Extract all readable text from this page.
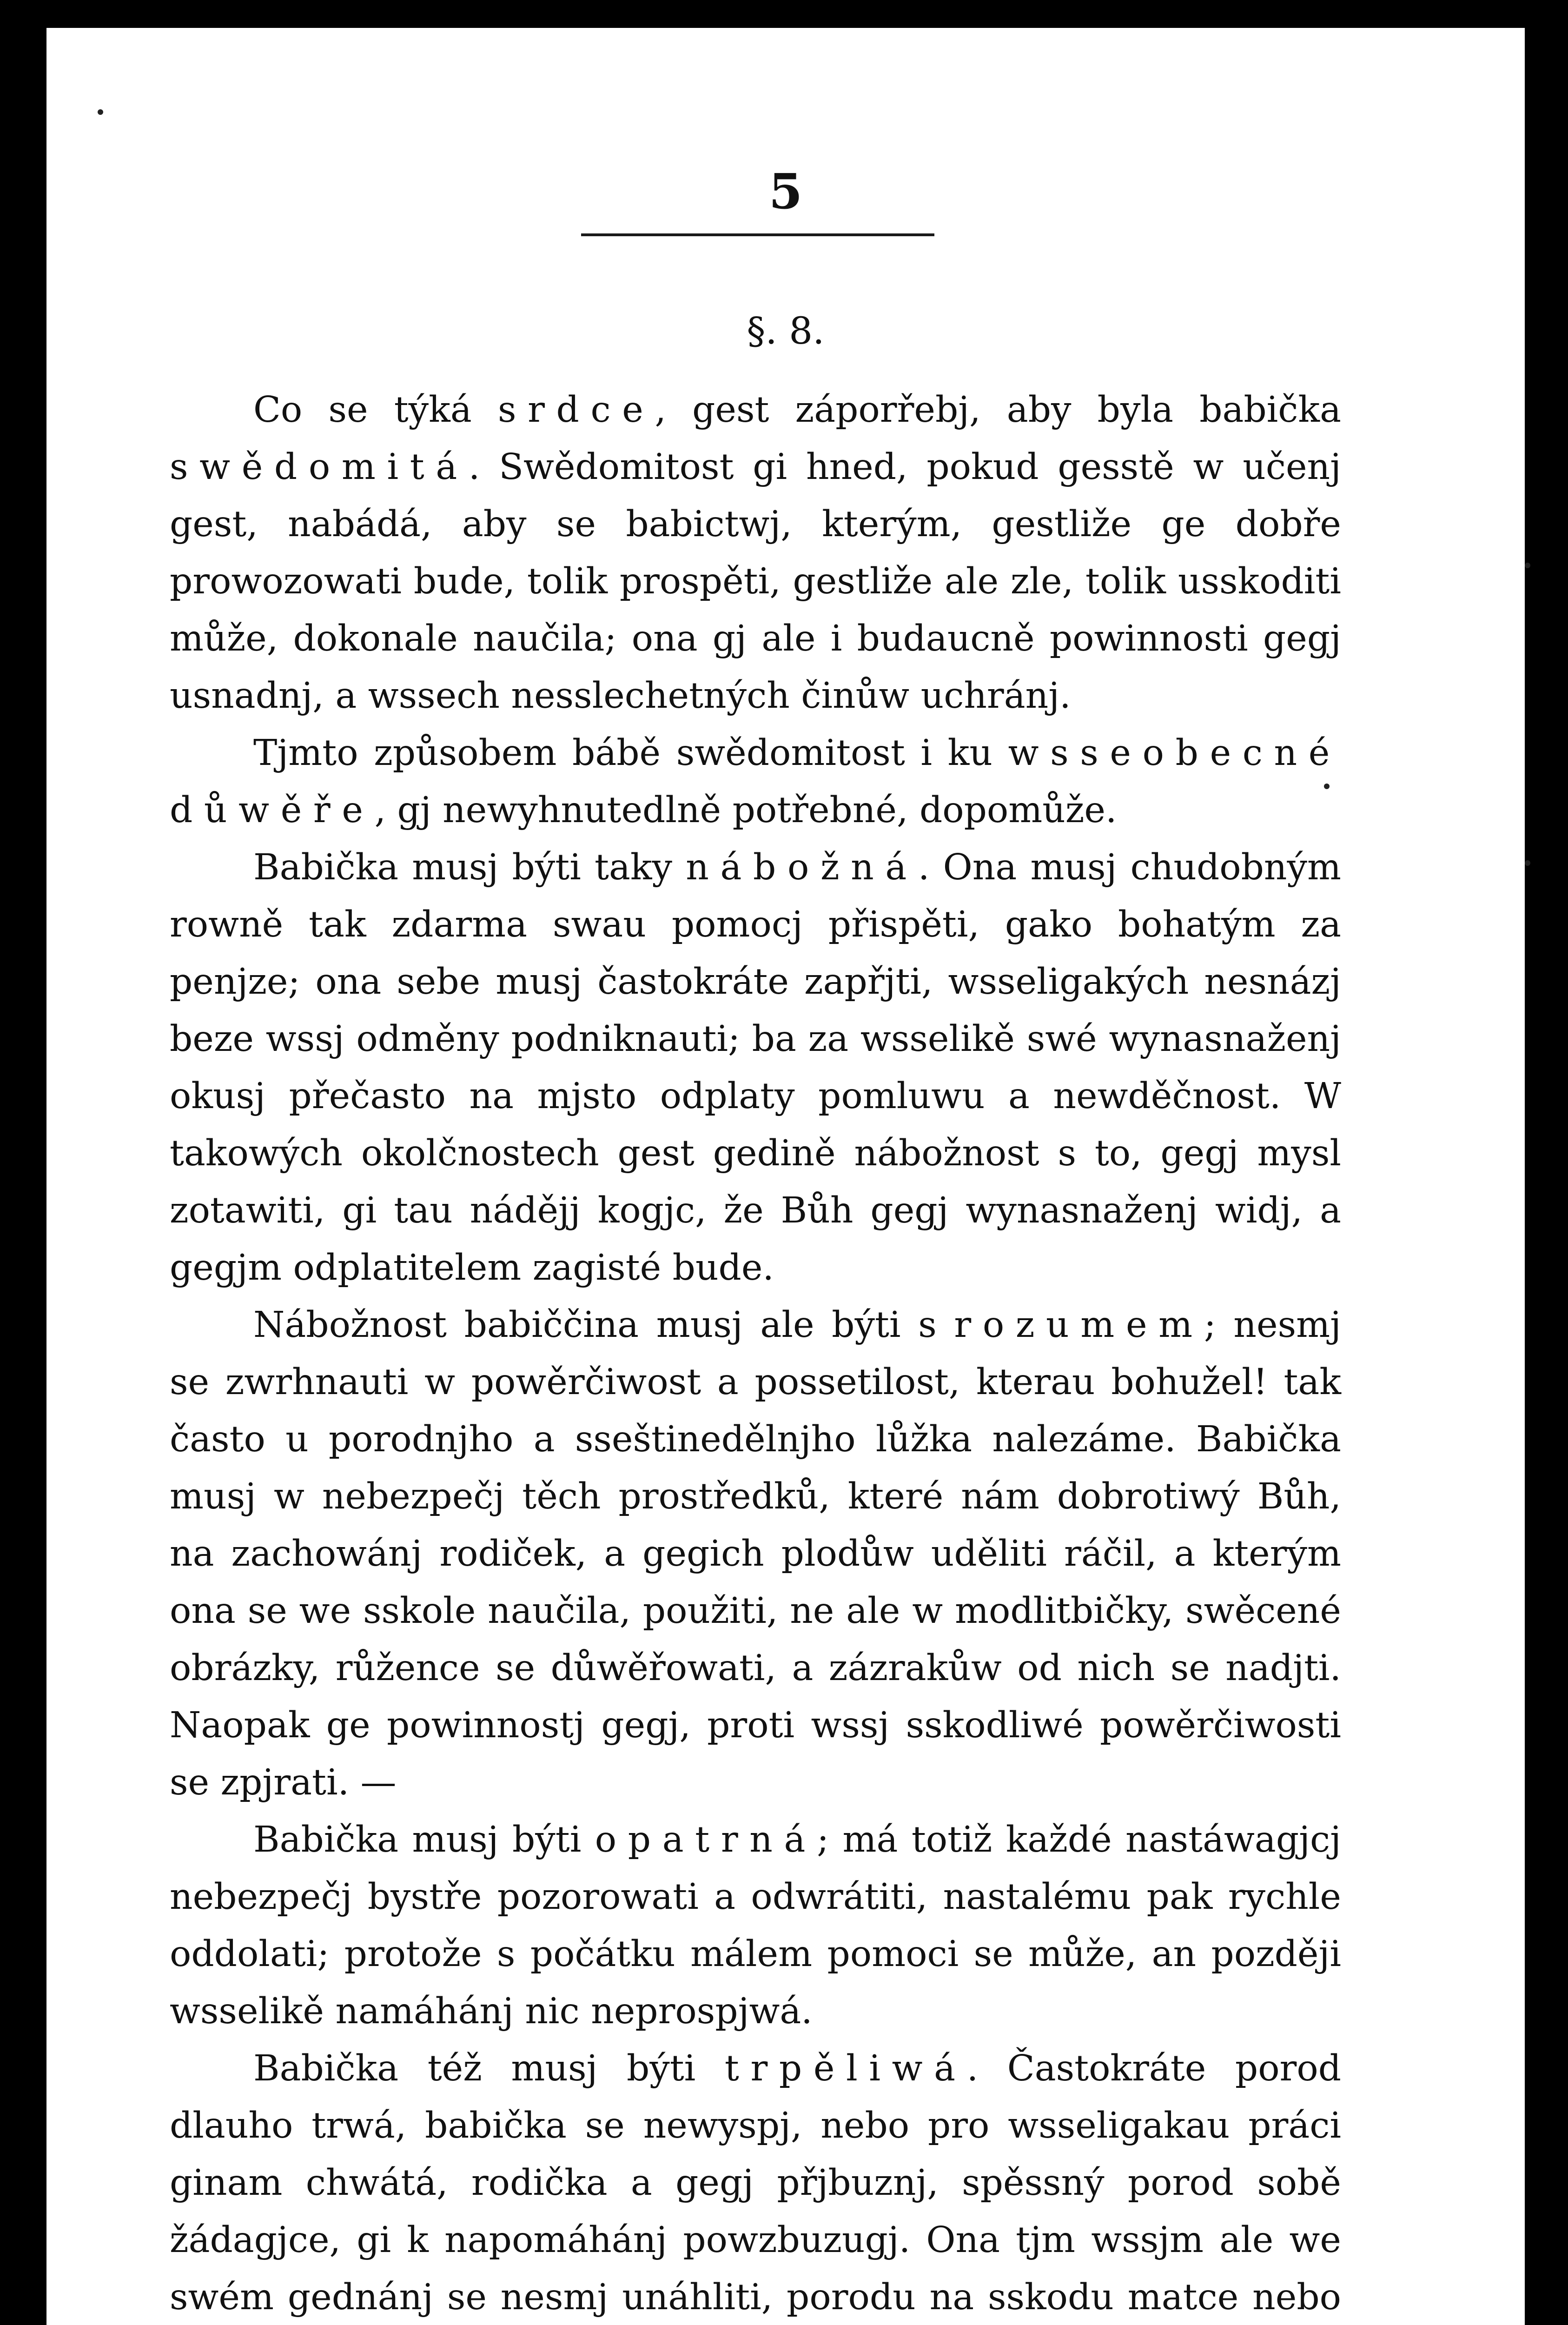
5
§. 8.

Co se týká srdce, gest záporřebj, aby byla babička swědomitá. Swědomitost gi hned, pokud gesstě w učenj gest, nabádá, aby se babictwj, kterým, gestliže ge dobře prowozowati bude, tolik prospěti, gestliže ale zle, tolik usskoditi může, dokonale naučila; ona gj ale i budaucně powinnosti gegj usnadnj, a wssech nesslechetných činůw uchránj.

Tjmto způsobem bábě swědomitost i ku wsseobecné důwěře, gj newyhnutedlně potřebné, dopomůže.

Babička musj býti taky nábožná. Ona musj chudobným rowně tak zdarma swau pomocj přispěti, gako bohatým za penjze; ona sebe musj častokráte zapřjti, wsseligakých nesnázj beze wssj odměny podniknauti; ba za wsselikě swé wynasnaženj okusj přečasto na mjsto odplaty pomluwu a newděčnost. W takowých okolčnostech gest gedině nábožnost s to, gegj mysl zotawiti, gi tau nádějj kogjc, že Bůh gegj wynasnaženj widj, a gegjm odplatitelem zagisté bude.

Nábožnost babiččina musj ale býti s rozumem; nesmj se zwrhnauti w powěrčiwost a possetilost, kterau bohužel! tak často u porodnjho a sseštinedělnjho lůžka nalezáme. Babička musj w nebezpečj těch prostředků, které nám dobrotiwý Bůh, na zachowánj rodiček, a gegich plodůw uděliti ráčil, a kterým ona se we sskole naučila, použiti, ne ale w modlitbičky, swěcené obrázky, růžence se důwěřowati, a zázrakůw od nich se nadjti. Naopak ge powinnostj gegj, proti wssj sskodliwé powěrčiwosti se zpjrati. —

Babička musj býti opatrná; má totiž každé nastáwagjcj nebezpečj bystře pozorowati a odwrátiti, nastalému pak rychle oddolati; protože s počátku málem pomoci se může, an později wsselikě namáhánj nic neprospjwá.

Babička též musj býti trpěliwá. Častokráte porod dlauho trwá, babička se newyspj, nebo pro wsseligakau práci ginam chwátá, rodička a gegj přjbuznj, spěssný porod sobě žádagjce, gi k napomáhánj powzbuzugj. Ona tjm wssjm ale we swém gednánj se nesmj unáhliti, porodu na sskodu matce nebo
